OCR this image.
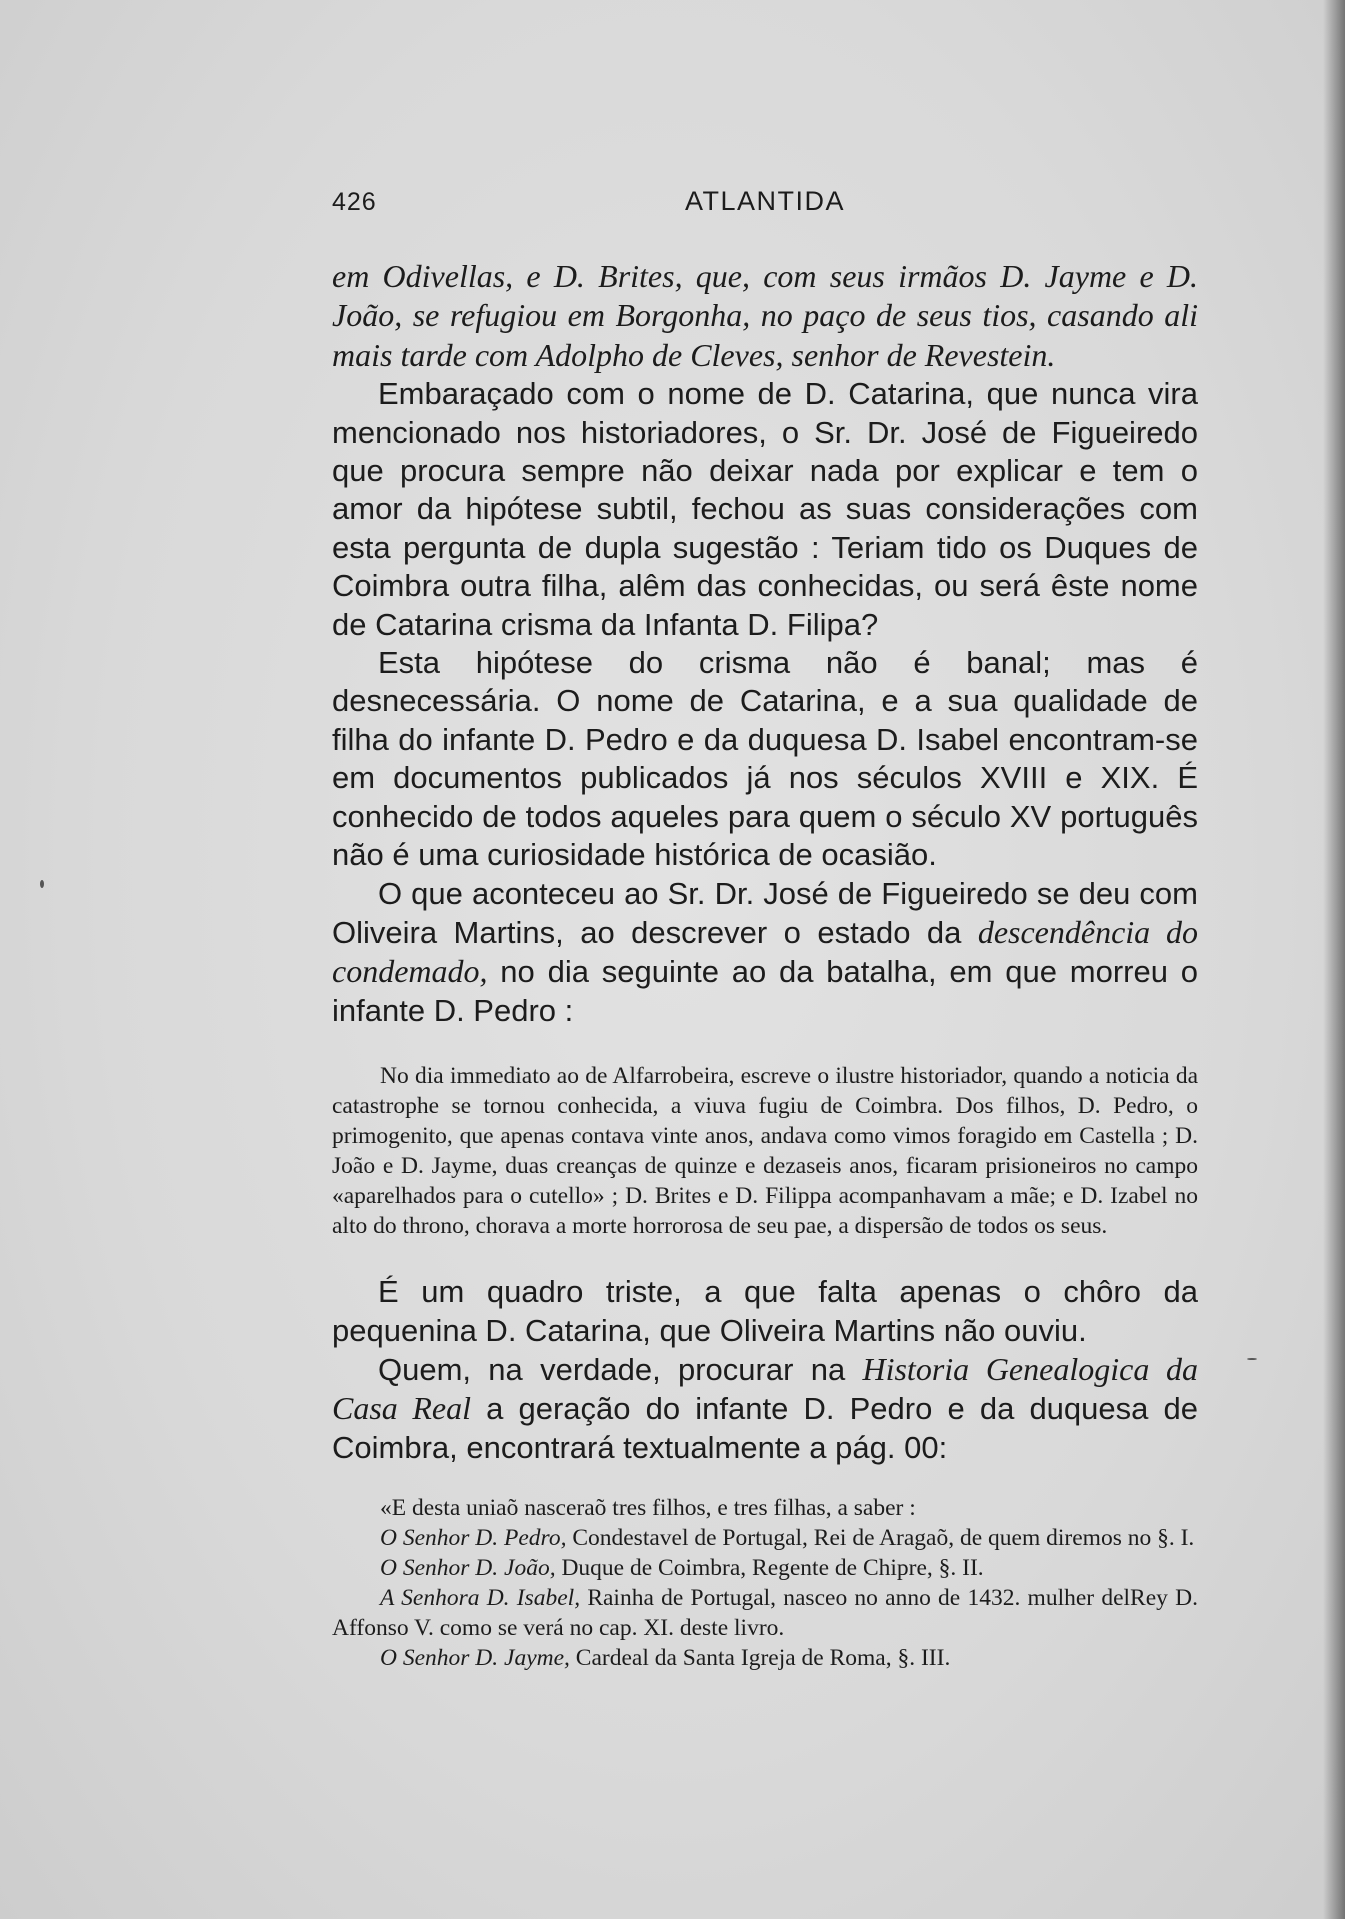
426	ATLANTIDA

em Odivellas, e D. Brites, que, com seus irmãos D. Jayme e D. João, se refugiou em Borgonha, no paço de seus tios, casando ali mais tarde com Adolpho de Cleves, senhor de Revestein.

Embaraçado com o nome de D. Catarina, que nunca vira mencionado nos historiadores, o Sr. Dr. José de Figueiredo que procura sempre não deixar nada por explicar e tem o amor da hipótese subtil, fechou as suas considerações com esta pergunta de dupla sugestão : Teriam tido os Duques de Coimbra outra filha, alêm das conhecidas, ou será êste nome de Catarina crisma da Infanta D. Filipa?

Esta hipótese do crisma não é banal; mas é desnecessária. O nome de Catarina, e a sua qualidade de filha do infante D. Pedro e da duquesa D. Isabel encontram-se em documentos publicados já nos séculos XVIII e XIX. É conhecido de todos aqueles para quem o século XV português não é uma curiosidade histórica de ocasião.

O que aconteceu ao Sr. Dr. José de Figueiredo se deu com Oliveira Martins, ao descrever o estado da descendência do condemado, no dia seguinte ao da batalha, em que morreu o infante D. Pedro :

No dia immediato ao de Alfarrobeira, escreve o ilustre historiador, quando a noticia da catastrophe se tornou conhecida, a viuva fugiu de Coimbra. Dos filhos, D. Pedro, o primogenito, que apenas contava vinte anos, andava como vimos foragido em Castella ; D. João e D. Jayme, duas creanças de quinze e dezaseis anos, ficaram prisioneiros no campo «aparelhados para o cutello» ; D. Brites e D. Filippa acompanhavam a mãe; e D. Izabel no alto do throno, chorava a morte horrorosa de seu pae, a dispersão de todos os seus.

É um quadro triste, a que falta apenas o chôro da pequenina D. Catarina, que Oliveira Martins não ouviu.

Quem, na verdade, procurar na Historia Genealogica da Casa Real a geração do infante D. Pedro e da duquesa de Coimbra, encontrará textualmente a pág. 00:

«E desta uniaõ nasceraõ tres filhos, e tres filhas, a saber :

O Senhor D. Pedro, Condestavel de Portugal, Rei de Aragaõ, de quem diremos no §. I.

O Senhor D. João, Duque de Coimbra, Regente de Chipre, §. II.

A Senhora D. Isabel, Rainha de Portugal, nasceo no anno de 1432. mulher delRey D. Affonso V. como se verá no cap. XI. deste livro.

O Senhor D. Jayme, Cardeal da Santa Igreja de Roma, §. III.
